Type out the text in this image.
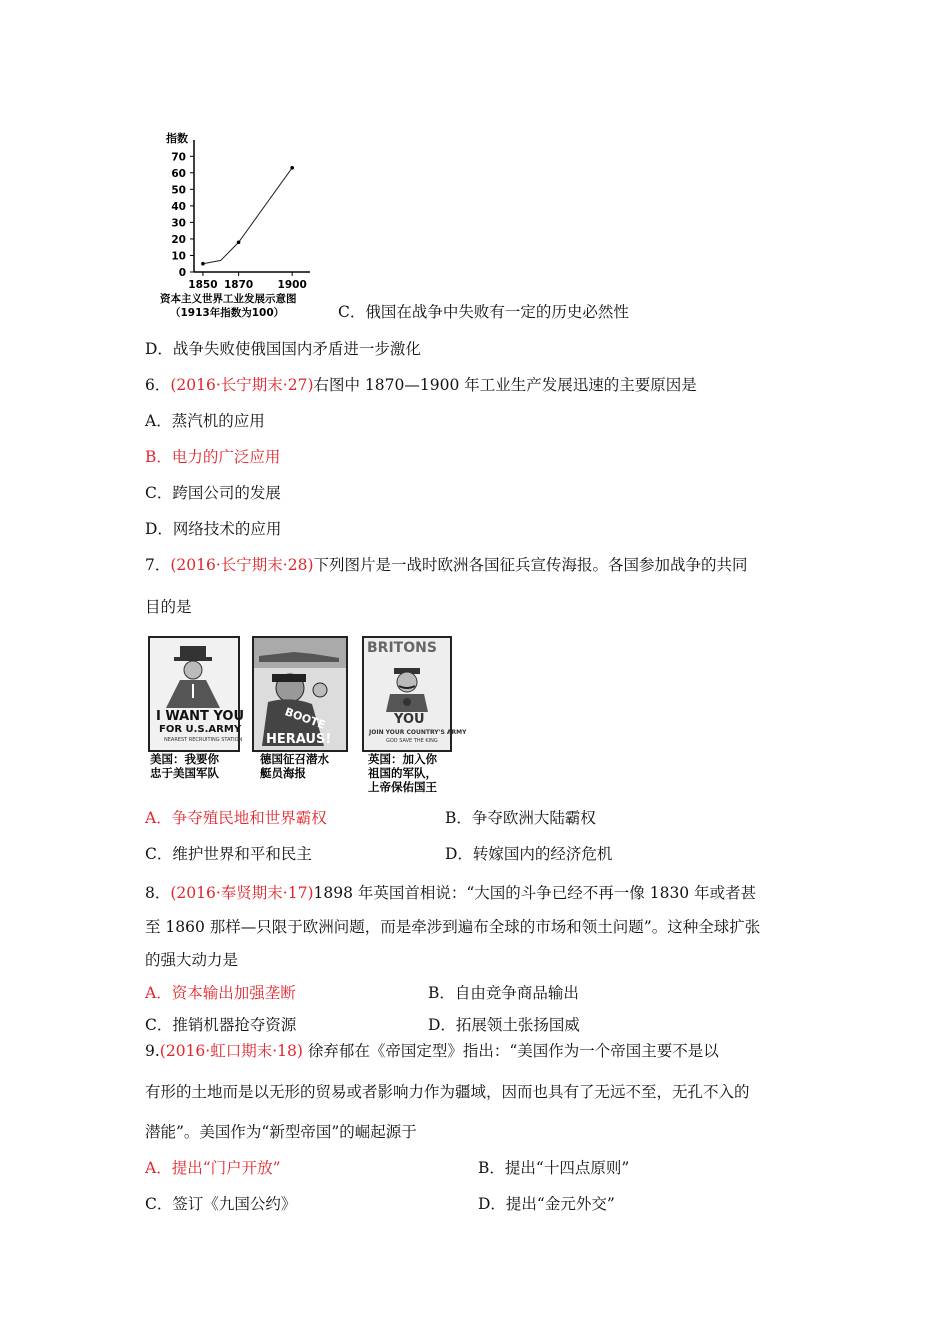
指数
0
10
20
30
40
50
60
70
1850 1870 1900
资本主义世界工业发展示意图
（1913年指数为100）	C．俄国在战争中失败有一定的历史必然性
D．战争失败使俄国国内矛盾进一步激化
6．(2016·长宁期末·27)右图中 1870—1900 年工业生产发展迅速的主要原因是
A．蒸汽机的应用
B．电力的广泛应用
C．跨国公司的发展
D．网络技术的应用
7．(2016·长宁期末·28)下列图片是一战时欧洲各国征兵宣传海报。各国参加战争的共同
目的是
I WANT YOU
FOR U.S.ARMY
NEAREST RECRUITING STATION
美国：我要你
忠于美国军队
BOOTE
HERAUS!
德国征召潜水
艇员海报
BRITONS
YOU
JOIN YOUR COUNTRY'S ARMY
GOD SAVE THE KING
英国：加入你
祖国的军队，
上帝保佑国王
A．争夺殖民地和世界霸权	B．争夺欧洲大陆霸权
C．维护世界和平和民主	D．转嫁国内的经济危机
8．(2016·奉贤期末·17)1898 年英国首相说：“大国的斗争已经不再一像 1830 年或者甚
至 1860 那样—只限于欧洲问题，而是牵涉到遍布全球的市场和领土问题”。这种全球扩张
的强大动力是
A．资本输出加强垄断	B．自由竞争商品输出
C．推销机器抢夺资源	D．拓展领土张扬国威
9.(2016·虹口期末·18) 徐弃郁在《帝国定型》指出：“美国作为一个帝国主要不是以
有形的土地而是以无形的贸易或者影响力作为疆域，因而也具有了无远不至，无孔不入的
潜能”。美国作为“新型帝国”的崛起源于
A．提出“门户开放”	B．提出“十四点原则”
C．签订《九国公约》	D．提出“金元外交”
